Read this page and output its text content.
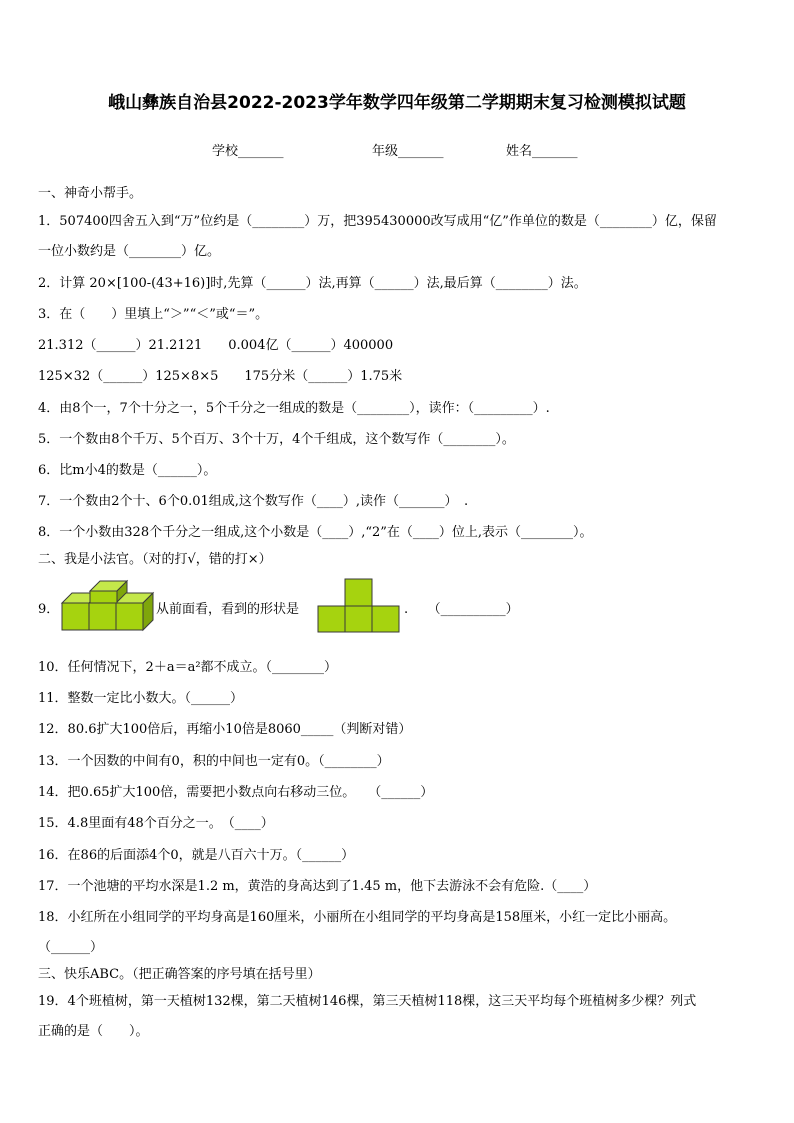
峨山彝族自治县2022-2023学年数学四年级第二学期期末复习检测模拟试题
学校_______	年级_______	姓名_______
一、神奇小帮手。
1．507400四舍五入到“万”位约是（________）万，把395430000改写成用“亿”作单位的数是（________）亿，保留
一位小数约是（________）亿。
2．计算 20×[100-(43+16)]时,先算（______）法,再算（______）法,最后算（________）法。
3．在（　　）里填上“＞”“＜”或“＝”。
21.312（______）21.2121　　0.004亿（______）400000
125×32（______）125×8×5　　175分米（______）1.75米
4．由8个一，7个十分之一，5个千分之一组成的数是（________），读作：（_________）.
5．一个数由8个千万、5个百万、3个十万，4个千组成，这个数写作（________）。
6．比m小4的数是（______）。
7．一个数由2个十、6个0.01组成,这个数写作（____）,读作（_______）　.
8．一个小数由328个千分之一组成,这个小数是（____）,“2”在（____）位上,表示（________）。
二、我是小法官。（对的打√，错的打×）
9．	从前面看，看到的形状是	.　　（__________）
10．任何情况下，2＋a＝a²都不成立。（________）
11．整数一定比小数大。（______）
12．80.6扩大100倍后，再缩小10倍是8060_____（判断对错）
13．一个因数的中间有0，积的中间也一定有0。（________）
14．把0.65扩大100倍，需要把小数点向右移动三位。　　（______）
15．4.8里面有48个百分之一。　（____）
16．在86的后面添4个0，就是八百六十万。（______）
17．一个池塘的平均水深是1.2 m，黄浩的身高达到了1.45 m，他下去游泳不会有危险.（____）
18．小红所在小组同学的平均身高是160厘米，小丽所在小组同学的平均身高是158厘米，小红一定比小丽高。
（______）
三、快乐ABC。（把正确答案的序号填在括号里）
19．4个班植树，第一天植树132棵，第二天植树146棵，第三天植树118棵，这三天平均每个班植树多少棵？列式
正确的是（　　）。
